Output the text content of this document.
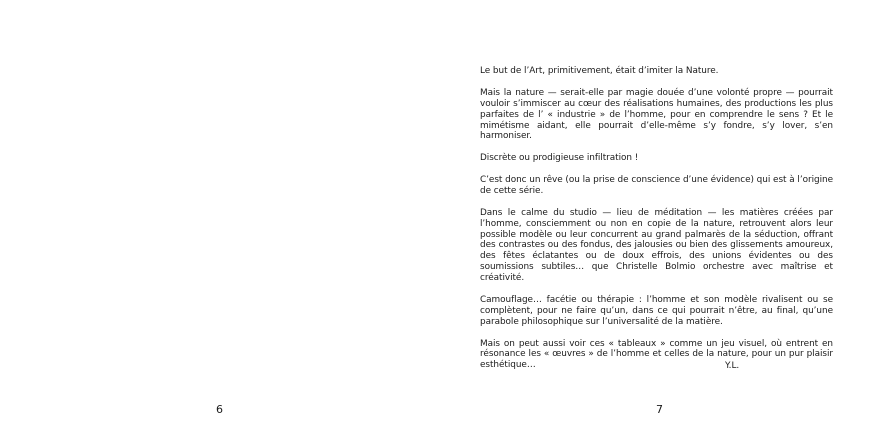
6

Le but de l’Art, primitivement, était d’imiter la Nature.

Mais la nature — serait-elle par magie douée d’une volonté propre — pourrait vouloir s’immiscer au cœur des réalisations humaines, des productions les plus parfaites de l’ « industrie » de l’homme, pour en comprendre le sens ? Et le mimétisme aidant, elle pourrait d’elle-même s’y fondre, s’y lover, s’en harmoniser.

Discrète ou prodigieuse infiltration !

C’est donc un rêve (ou la prise de conscience d’une évidence) qui est à l’origine de cette série.

Dans le calme du studio — lieu de méditation — les matières créées par l’homme, consciemment ou non en copie de la nature, retrouvent alors leur possible modèle ou leur concurrent au grand palmarès de la séduction, offrant des contrastes ou des fondus, des jalousies ou bien des glissements amoureux, des fêtes éclatantes ou de doux effrois, des unions évidentes ou des soumissions subtiles… que Christelle Bolmio orchestre avec maîtrise et créativité.

Camouflage… facétie ou thérapie : l’homme et son modèle rivalisent ou se complètent, pour ne faire qu’un, dans ce qui pourrait n’être, au final, qu’une parabole philosophique sur l’universalité de la matière.

Mais on peut aussi voir ces « tableaux » comme un jeu visuel, où entrent en résonance les « œuvres » de l’homme et celles de la nature, pour un pur plaisir esthétique…	Y.L.
7
